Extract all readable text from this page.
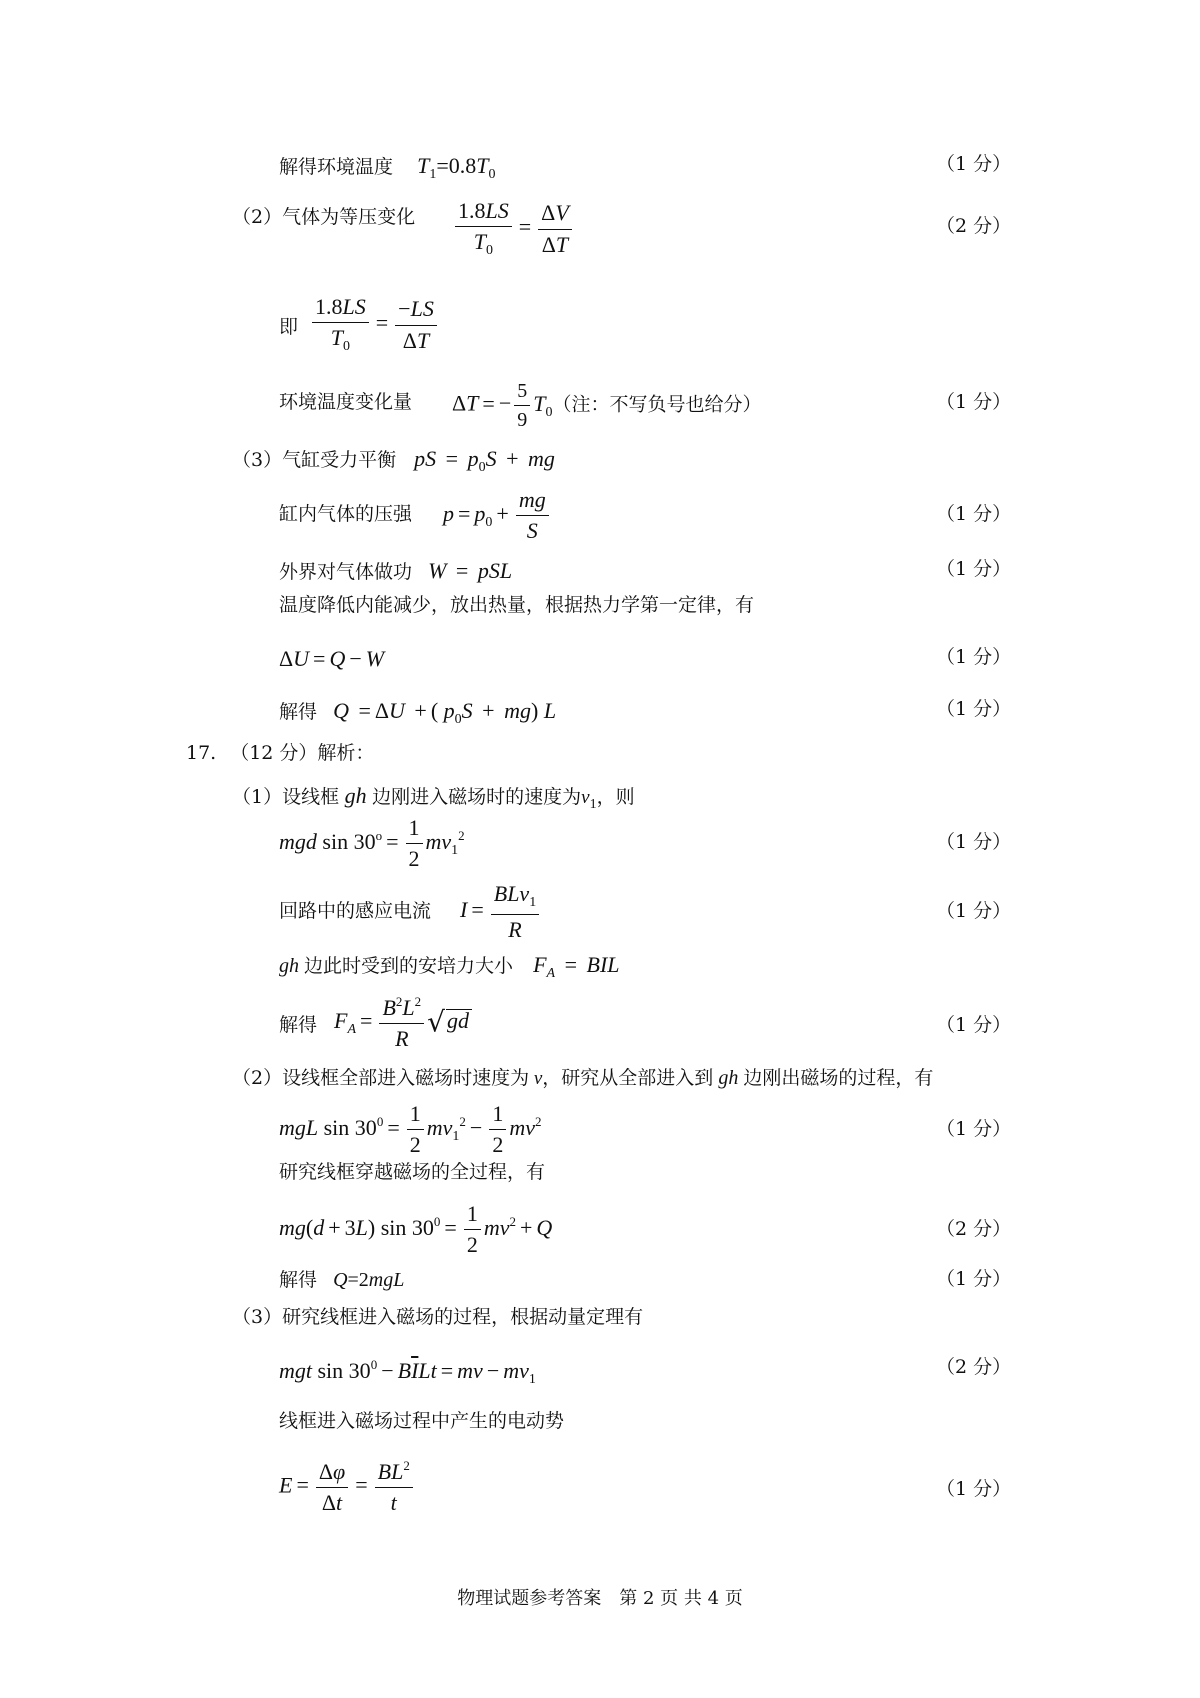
解得环境温度 $T_1=0.8T_0$	（1 分）
（2）气体为等压变化 $\frac{1.8LS}{T_0} = \frac{\Delta V}{\Delta T}$	（2 分）
即 $\frac{1.8LS}{T_0} = \frac{-LS}{\Delta T}$
环境温度变化量 ΔT = − $\frac{5}{9} T_0$（注：不写负号也给分）	（1 分）
（3）气缸受力平衡 pS = $p_0S$ + mg
缸内气体的压强 $p = p_0 + \frac{mg}{S}$	（1 分）
外界对气体做功 W = pSL	（1 分）
温度降低内能减少，放出热量，根据热力学第一定律，有
ΔU = Q − W	（1 分）
解得 Q = ΔU + ( $p_0S + mg$) L	（1 分）
17. （12 分）解析：
（1）设线框 gh 边刚进入磁场时的速度为$v_1$，则
mgd $\sin 30^o = \frac{1}{2} mv_1^2$	（1 分）
回路中的感应电流 $I = \frac{BLv_1}{R}$	（1 分）
gh 边此时受到的安培力大小 $F_A$ = BIL
解得 $F_A = \frac{B^2L^2}{R} √gd$	（1 分）
（2）设线框全部进入磁场时速度为 v，研究从全部进入到 gh 边刚出磁场的过程，有
mgL $\sin 30^0 = \frac{1}{2} mv_1^2 - \frac{1}{2} mv^2$	（1 分）
研究线框穿越磁场的全过程，有
mg(d + 3L) $\sin 30^0 = \frac{1}{2} mv^2 + Q$	（2 分）
解得 Q=2mgL	（1 分）
（3）研究线框进入磁场的过程，根据动量定理有
mgt $\sin 30^0 - B\overline{I}Lt$ = mv − $mv_1$
（2 分）
线框进入磁场过程中产生的电动势
$E = \frac{\Delta\varphi}{\Delta t} = \frac{BL^2}{t}$	（1 分）
物理试题参考答案　第 2 页 共 4 页
